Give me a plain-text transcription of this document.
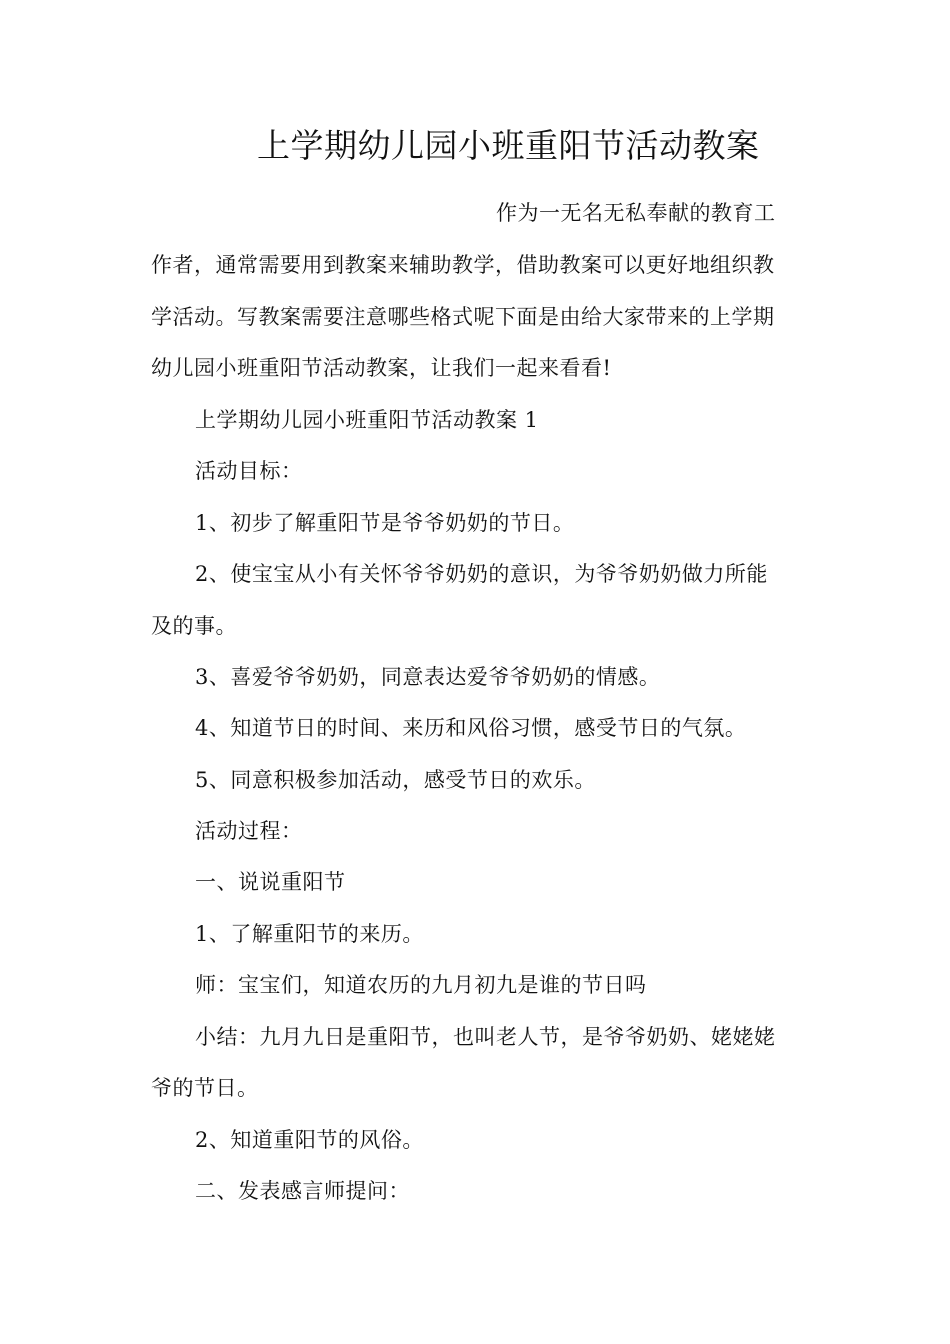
上学期幼儿园小班重阳节活动教案

作为一无名无私奉献的教育工

作者，通常需要用到教案来辅助教学，借助教案可以更好地组织教

学活动。写教案需要注意哪些格式呢下面是由给大家带来的上学期

幼儿园小班重阳节活动教案，让我们一起来看看!

上学期幼儿园小班重阳节活动教案 1

活动目标：

1、初步了解重阳节是爷爷奶奶的节日。

2、使宝宝从小有关怀爷爷奶奶的意识，为爷爷奶奶做力所能

及的事。

3、喜爱爷爷奶奶，同意表达爱爷爷奶奶的情感。

4、知道节日的时间、来历和风俗习惯，感受节日的气氛。

5、同意积极参加活动，感受节日的欢乐。

活动过程：

一、说说重阳节

1、了解重阳节的来历。

师：宝宝们，知道农历的九月初九是谁的节日吗

小结：九月九日是重阳节，也叫老人节，是爷爷奶奶、姥姥姥

爷的节日。

2、知道重阳节的风俗。

二、发表感言师提问：
